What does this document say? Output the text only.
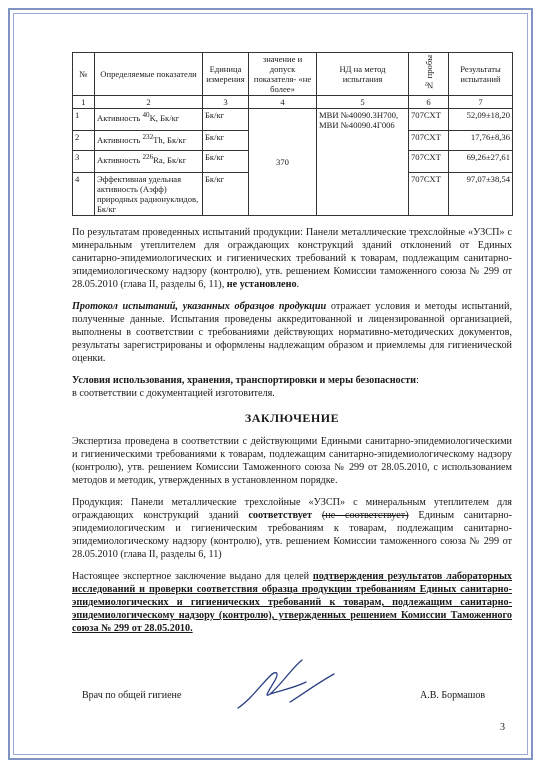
№	Определяемые показатели	Единица измерения	значение и допуск показателя- «не более»	НД на метод испытания	№ пробы	Результаты испытаний
1	2	3	4	5	6	7
1	Активность $^{40}$K, Бк/кг	Бк/кг	370	МВИ №40090.3Н700, МВИ №40090.4Г006	707СХТ	52,09±18,20
2	Активность $^{232}$Th, Бк/кг	Бк/кг			707СХТ	17,76±8,36
3	Активность $^{226}$Ra, Бк/кг	Бк/кг			707СХТ	69,26±27,61
4	Эффективная удельная активность (Аэфф) природных радионуклидов, Бк/кг	Бк/кг			707СХТ	97,07±38,54

По результатам проведенных испытаний продукции: Панели металлические трехслойные «УЗСП» с минеральным утеплителем для ограждающих конструкций зданий отклонений от Единых санитарно-эпидемиологических и гигиенических требований к товарам, подлежащим санитарно-эпидемиологическому надзору (контролю), утв. решением Комиссии таможенного союза № 299 от 28.05.2010 (глава II, разделы 6, 11), не установлено.

Протокол испытаний, указанных образцов продукции отражает условия и методы испытаний, полученные данные. Испытания проведены аккредитованной и лицензированной организацией, выполнены в соответствии с требованиями действующих нормативно-методических документов, результаты зарегистрированы и оформлены надлежащим образом и приемлемы для гигиенической оценки.

Условия использования, хранения, транспортировки и меры безопасности:
в соответствии с документацией изготовителя.

ЗАКЛЮЧЕНИЕ

Экспертиза проведена в соответствии с действующими Едиными санитарно-эпидемиологическими и гигиеническими требованиями к товарам, подлежащим санитарно-эпидемиологическому надзору (контролю), утв. решением Комиссии Таможенного союза № 299 от 28.05.2010, с использованием методов и методик, утвержденных в установленном порядке.

Продукция: Панели металлические трехслойные «УЗСП» с минеральным утеплителем для ограждающих конструкций зданий соответствует (не соответствует) Единым санитарно-эпидемиологическим и гигиеническим требованиям к товарам, подлежащим санитарно-эпидемиологическому надзору (контролю), утв. решением Комиссии таможенного союза № 299 от 28.05.2010 (глава II, разделы 6, 11)

Настоящее экспертное заключение выдано для целей подтверждения результатов лабораторных исследований и проверки соответствия образца продукции требованиям Единых санитарно-эпидемиологических и гигиенических требований к товарам, подлежащим санитарно-эпидемиологическому надзору (контролю), утвержденных решением Комиссии Таможенного союза № 299 от 28.05.2010.

Врач по общей гигиене	А.В. Бормашов
3
